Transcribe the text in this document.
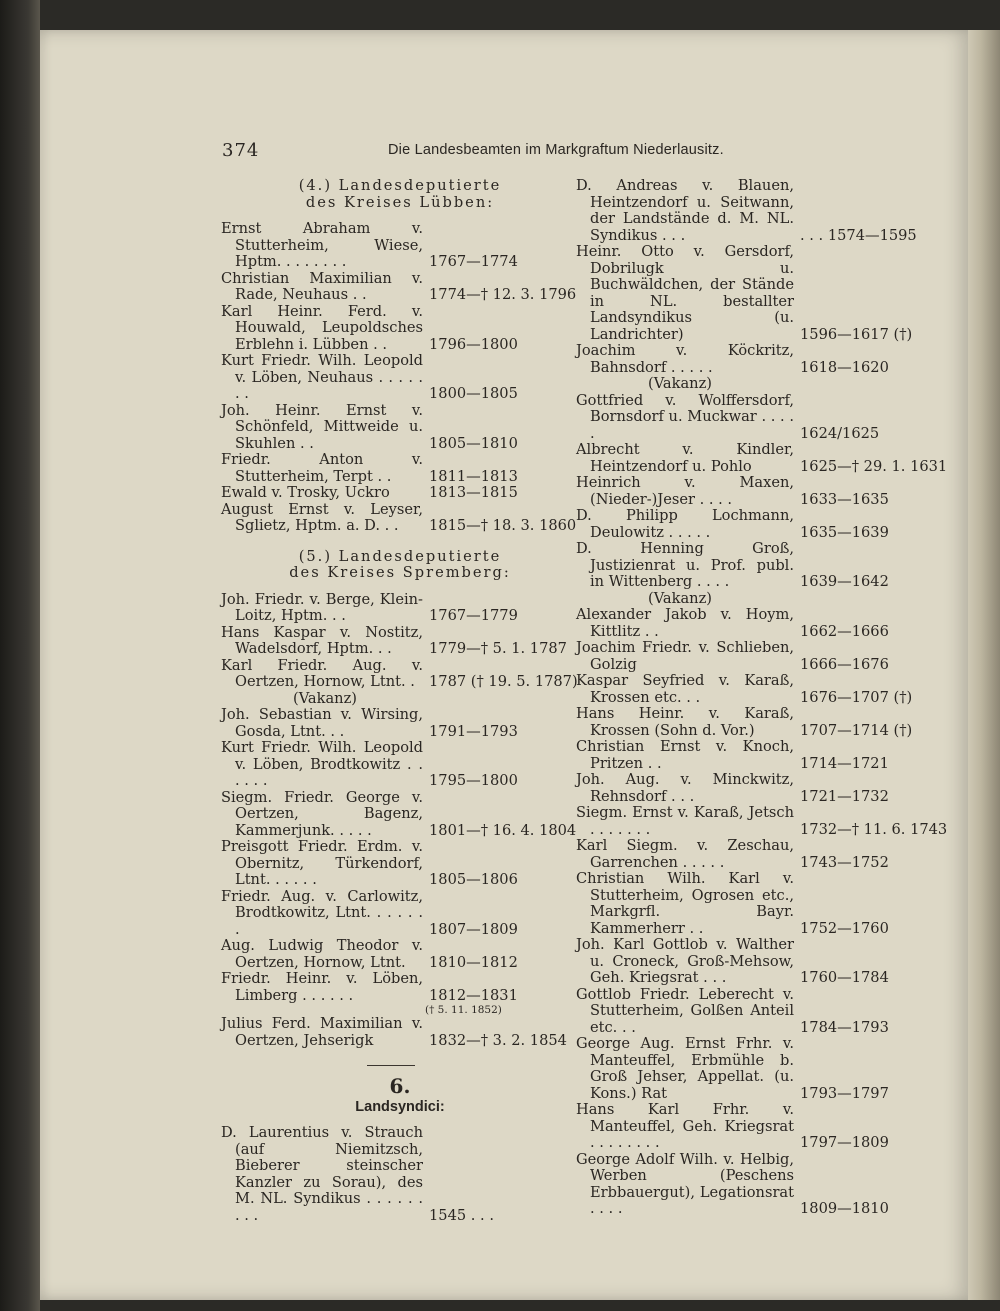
374	Die Landesbeamten im Markgraftum Niederlausitz.
(4.) Landesdeputierte
des Kreises Lübben:
Ernst Abraham v. Stutterheim, Wiese, Hptm. . . . . . . .	1767—1774
Christian Maximilian v. Rade, Neuhaus . .	1774—† 12. 3. 1796
Karl Heinr. Ferd. v. Houwald, Leupoldsches Erblehn i. Lübben . .	1796—1800
Kurt Friedr. Wilh. Leopold v. Löben, Neuhaus . . . . . . .	1800—1805
Joh. Heinr. Ernst v. Schönfeld, Mittweide u. Skuhlen . .	1805—1810
Friedr. Anton v. Stutterheim, Terpt . .	1811—1813
Ewald v. Trosky, Uckro	1813—1815
August Ernst v. Leyser, Sglietz, Hptm. a. D. . .	1815—† 18. 3. 1860
(5.) Landesdeputierte
des Kreises Spremberg:
Joh. Friedr. v. Berge, Klein-Loitz, Hptm. . .	1767—1779
Hans Kaspar v. Nostitz, Wadelsdorf, Hptm. . .	1779—† 5. 1. 1787
Karl Friedr. Aug. v. Oertzen, Hornow, Ltnt. . 1787 († 19. 5. 1787)
(Vakanz)
Joh. Sebastian v. Wirsing, Gosda, Ltnt. . .	1791—1793
Kurt Friedr. Wilh. Leopold v. Löben, Brodtkowitz . . . . . .	1795—1800
Siegm. Friedr. George v. Oertzen, Bagenz, Kammerjunk. . . . .	1801—† 16. 4. 1804
Preisgott Friedr. Erdm. v. Obernitz, Türkendorf, Ltnt. . . . . .	1805—1806
Friedr. Aug. v. Carlowitz, Brodtkowitz, Ltnt. . . . . . .	1807—1809
Aug. Ludwig Theodor v. Oertzen, Hornow, Ltnt.	1810—1812
Friedr. Heinr. v. Löben, Limberg . . . . . .	1812—1831
(† 5. 11. 1852)
Julius Ferd. Maximilian v. Oertzen, Jehserigk	1832—† 3. 2. 1854
6.
Landsyndici:
D. Laurentius v. Strauch (auf Niemitzsch, Bieberer steinscher Kanzler zu Sorau), des M. NL. Syndikus . . . . . . . . .	1545 . . .
D. Andreas v. Blauen, Heintzendorf u. Seitwann, der Landstände d. M. NL. Syndikus . . .	. . . 1574—1595
Heinr. Otto v. Gersdorf, Dobrilugk u. Buchwäldchen, der Stände in NL. bestallter Landsyndikus (u. Landrichter)	1596—1617 (†)
Joachim v. Köckritz, Bahnsdorf . . . . .	1618—1620
(Vakanz)
Gottfried v. Wolffersdorf, Bornsdorf u. Muckwar . . . . .	1624/1625
Albrecht v. Kindler, Heintzendorf u. Pohlo	1625—† 29. 1. 1631
Heinrich v. Maxen, (Nieder-)Jeser . . . .	1633—1635
D. Philipp Lochmann, Deulowitz . . . . .	1635—1639
D. Henning Groß, Justizienrat u. Prof. publ. in Wittenberg . . . .	1639—1642
(Vakanz)
Alexander Jakob v. Hoym, Kittlitz . .	1662—1666
Joachim Friedr. v. Schlieben, Golzig	1666—1676
Kaspar Seyfried v. Karaß, Krossen etc. . .	1676—1707 (†)
Hans Heinr. v. Karaß, Krossen (Sohn d. Vor.)	1707—1714 (†)
Christian Ernst v. Knoch, Pritzen . .	1714—1721
Joh. Aug. v. Minckwitz, Rehnsdorf . . .	1721—1732
Siegm. Ernst v. Karaß, Jetsch . . . . . . .	1732—† 11. 6. 1743
Karl Siegm. v. Zeschau, Garrenchen . . . . .	1743—1752
Christian Wilh. Karl v. Stutterheim, Ogrosen etc., Markgrfl. Bayr. Kammerherr . .	1752—1760
Joh. Karl Gottlob v. Walther u. Croneck, Groß-Mehsow, Geh. Kriegsrat . . .	1760—1784
Gottlob Friedr. Leberecht v. Stutterheim, Golßen Anteil etc. . .	1784—1793
George Aug. Ernst Frhr. v. Manteuffel, Erbmühle b. Groß Jehser, Appellat. (u. Kons.) Rat	1793—1797
Hans Karl Frhr. v. Manteuffel, Geh. Kriegsrat . . . . . . . .	1797—1809
George Adolf Wilh. v. Helbig, Werben (Peschens Erbbauergut), Legationsrat . . . .	1809—1810
